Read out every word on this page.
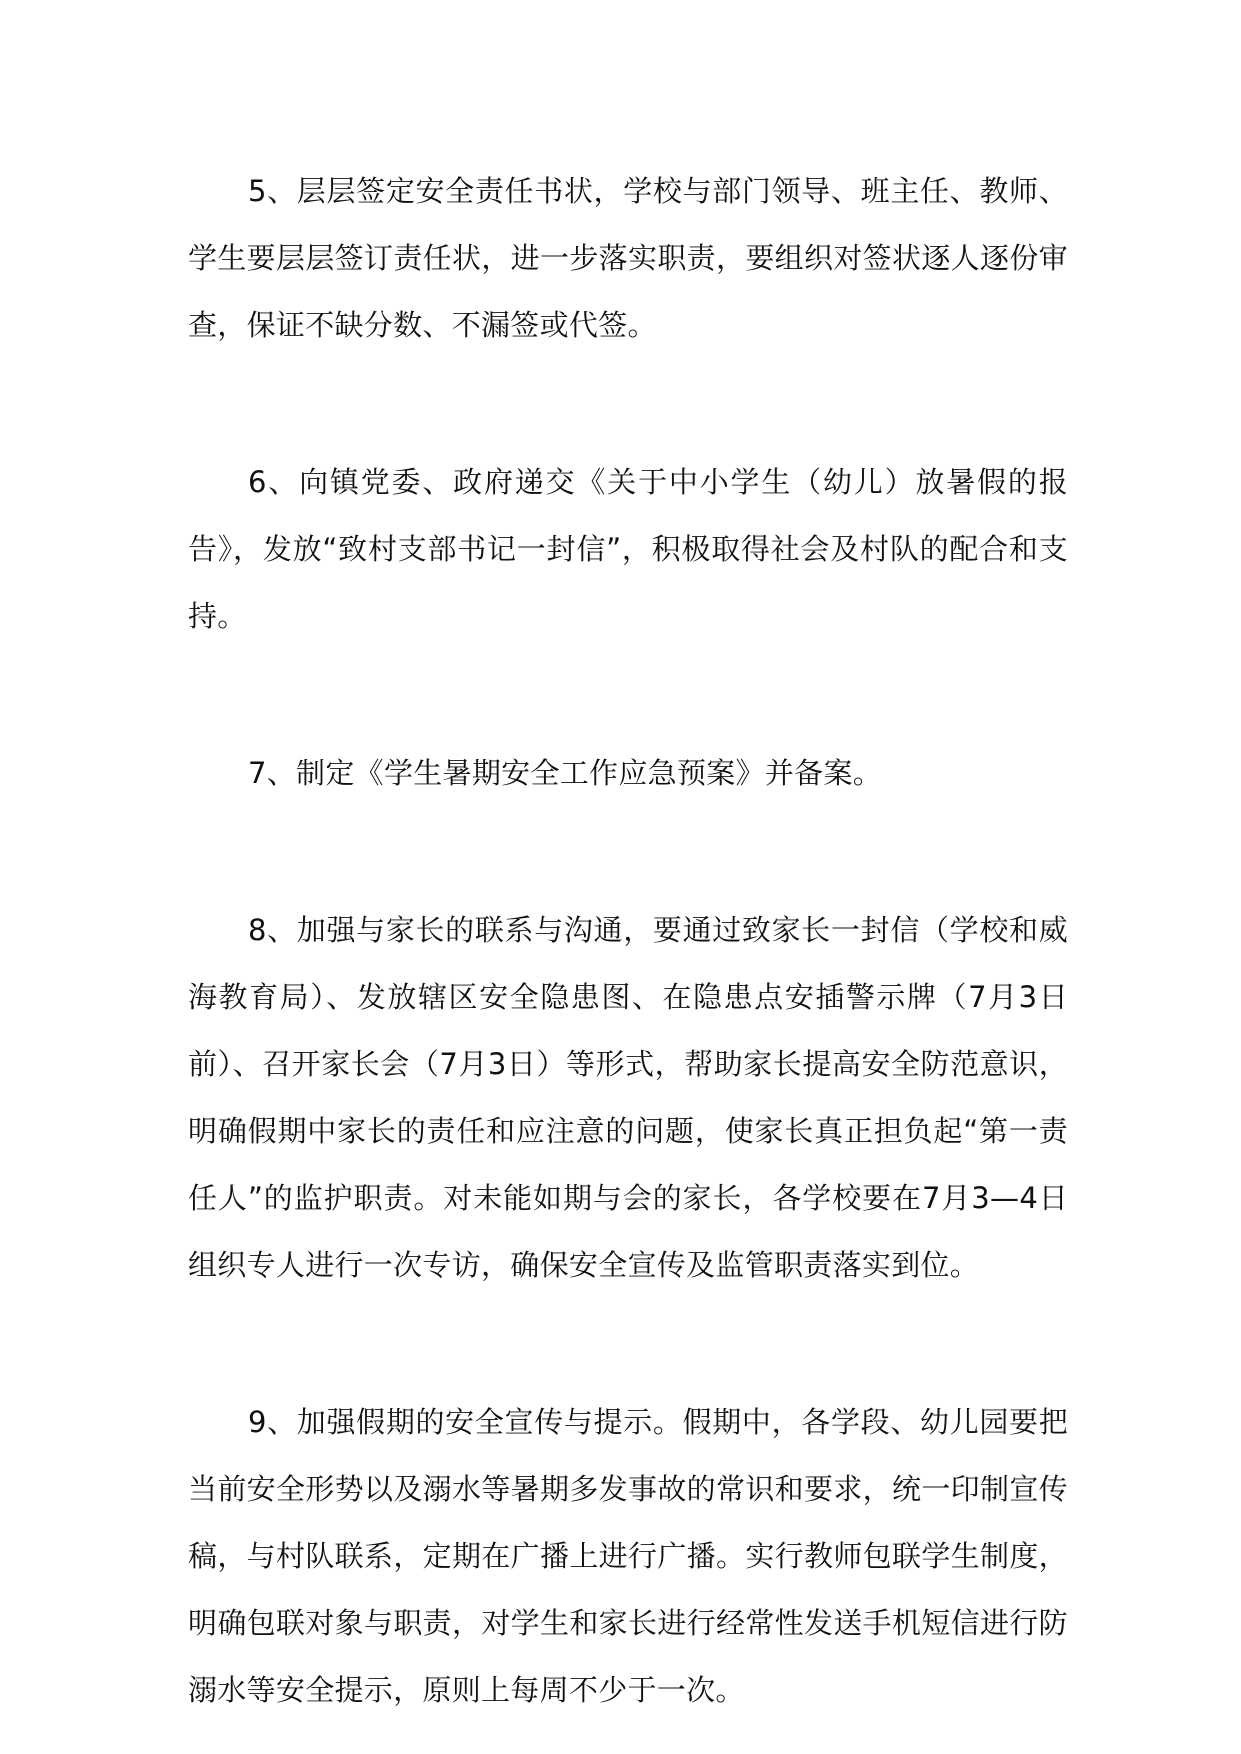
5、层层签定安全责任书状，学校与部门领导、班主任、教师、学生要层层签订责任状，进一步落实职责，要组织对签状逐人逐份审查，保证不缺分数、不漏签或代签。

6、向镇党委、政府递交《关于中小学生（幼儿）放暑假的报告》，发放“致村支部书记一封信”，积极取得社会及村队的配合和支持。

7、制定《学生暑期安全工作应急预案》并备案。

8、加强与家长的联系与沟通，要通过致家长一封信（学校和威海教育局）、发放辖区安全隐患图、在隐患点安插警示牌（7月3日前）、召开家长会（7月3日）等形式，帮助家长提高安全防范意识，明确假期中家长的责任和应注意的问题，使家长真正担负起“第一责任人”的监护职责。对未能如期与会的家长，各学校要在7月3—4日组织专人进行一次专访，确保安全宣传及监管职责落实到位。

9、加强假期的安全宣传与提示。假期中，各学段、幼儿园要把当前安全形势以及溺水等暑期多发事故的常识和要求，统一印制宣传稿，与村队联系，定期在广播上进行广播。实行教师包联学生制度，明确包联对象与职责，对学生和家长进行经常性发送手机短信进行防溺水等安全提示，原则上每周不少于一次。
